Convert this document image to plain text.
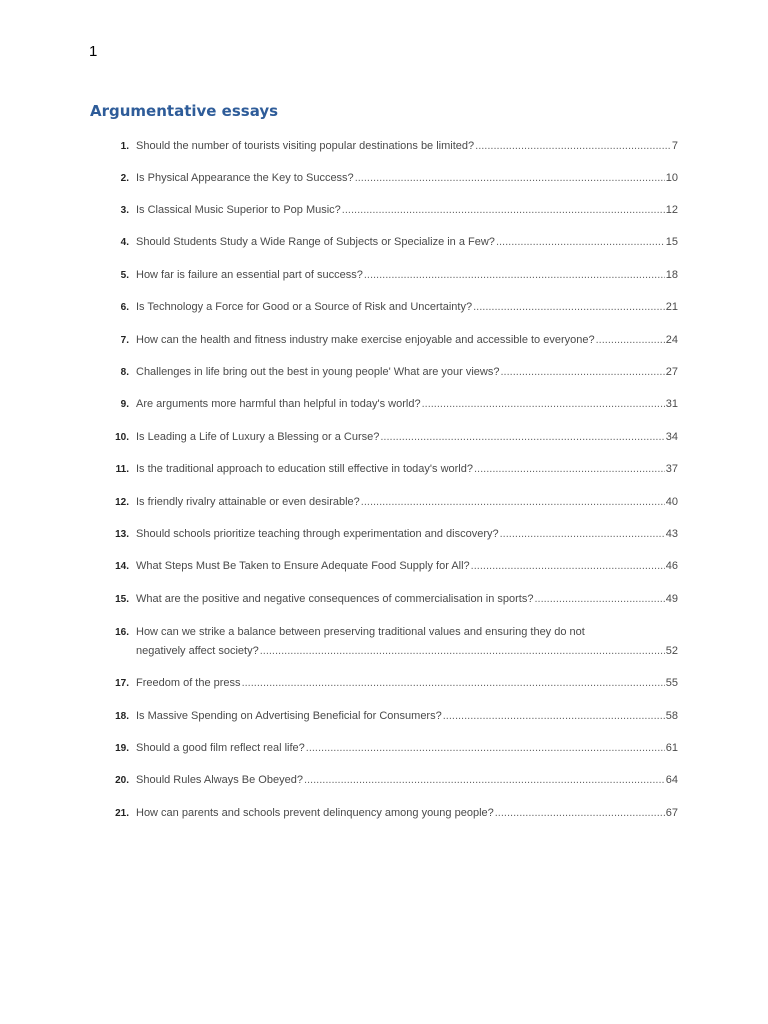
1
Argumentative essays
1. Should the number of tourists visiting popular destinations be limited? .....	7
2. Is Physical Appearance the Key to Success? .....	10
3. Is Classical Music Superior to Pop Music? .....	12
4. Should Students Study a Wide Range of Subjects or Specialize in a Few? .....	15
5. How far is failure an essential part of success? .....	18
6. Is Technology a Force for Good or a Source of Risk and Uncertainty? .....	21
7. How can the health and fitness industry make exercise enjoyable and accessible to everyone? .....	24
8. Challenges in life bring out the best in young people' What are your views? .....	27
9. Are arguments more harmful than helpful in today's world? .....	31
10. Is Leading a Life of Luxury a Blessing or a Curse? .....	34
11. Is the traditional approach to education still effective in today's world? .....	37
12. Is friendly rivalry attainable or even desirable? .....	40
13. Should schools prioritize teaching through experimentation and discovery? .....	43
14. What Steps Must Be Taken to Ensure Adequate Food Supply for All? .....	46
15. What are the positive and negative consequences of commercialisation in sports? .....	49
16. How can we strike a balance between preserving traditional values and ensuring they do not
negatively affect society? .....	52
17. Freedom of the press .....	55
18. Is Massive Spending on Advertising Beneficial for Consumers? .....	58
19. Should a good film reflect real life? .....	61
20. Should Rules Always Be Obeyed? .....	64
21. How can parents and schools prevent delinquency among young people? .....	67
